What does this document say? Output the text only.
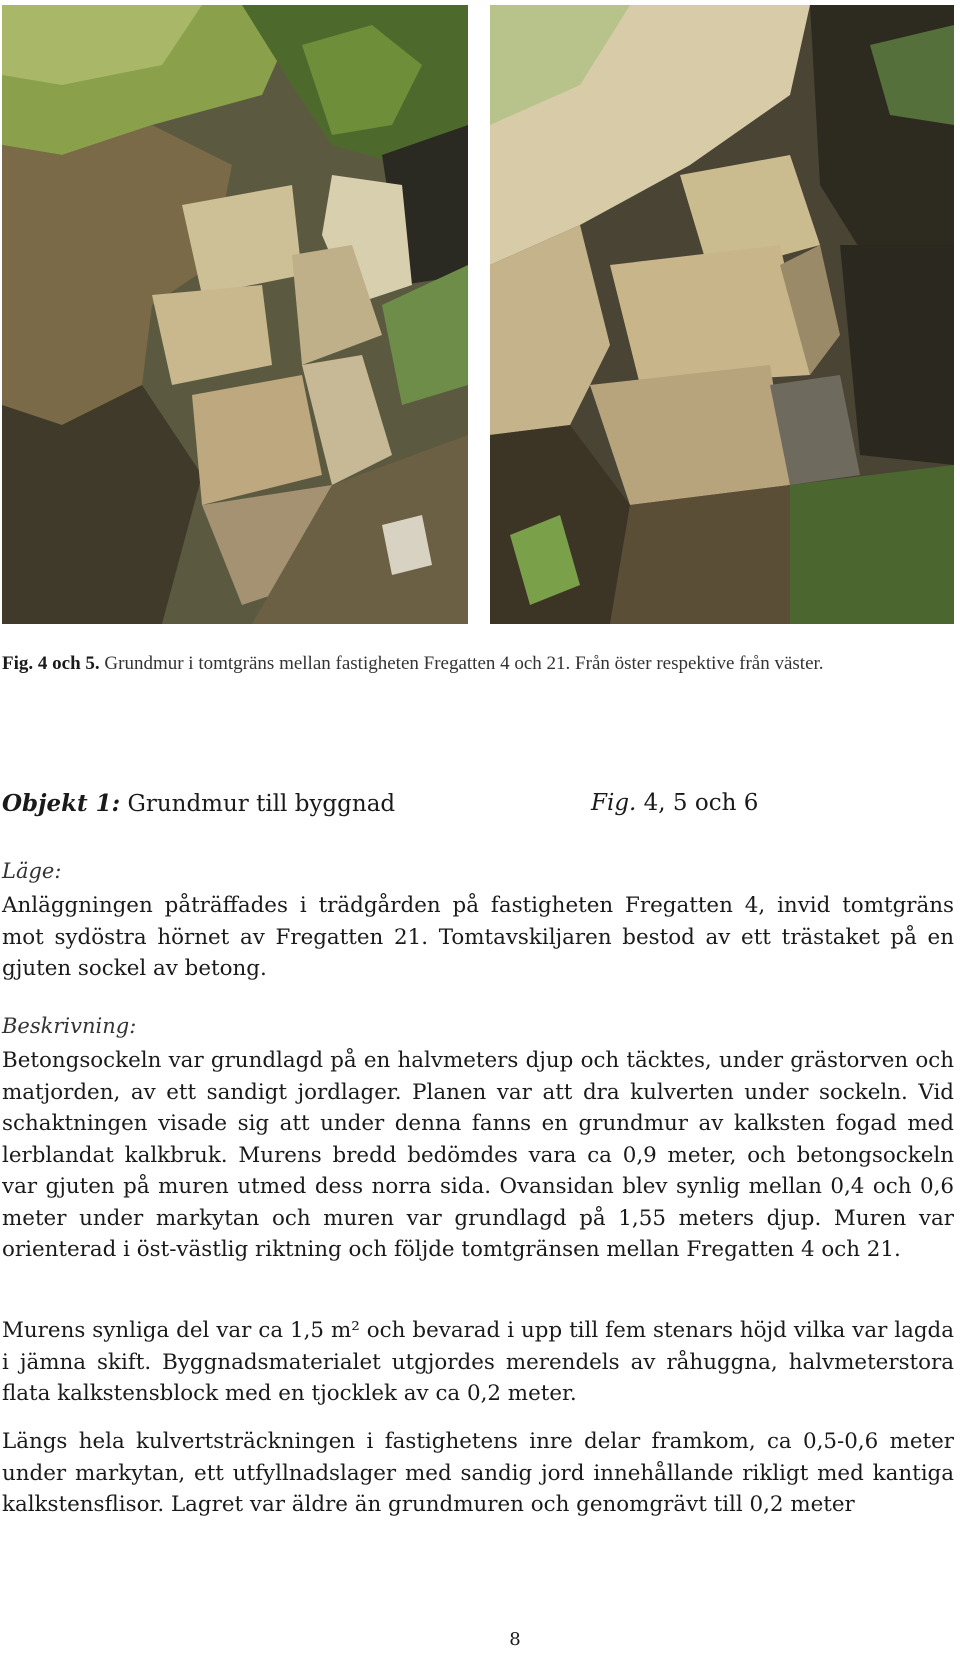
Fig. 4 och 5. Grundmur i tomtgräns mellan fastigheten Fregatten 4 och 21. Från öster respektive från väster.
Objekt 1: Grundmur till byggnad	Fig. 4, 5 och 6
Läge:

Anläggningen påträffades i trädgården på fastigheten Fregatten 4, invid tomtgräns mot sydöstra hörnet av Fregatten 21. Tomtavskiljaren bestod av ett trästaket på en gjuten sockel av betong.

Beskrivning:

Betongsockeln var grundlagd på en halvmeters djup och täcktes, under grästorven och matjorden, av ett sandigt jordlager. Planen var att dra kulverten under sockeln. Vid schaktningen visade sig att under denna fanns en grundmur av kalksten fogad med lerblandat kalkbruk. Murens bredd bedömdes vara ca 0,9 meter, och betongsockeln var gjuten på muren utmed dess norra sida. Ovansidan blev synlig mellan 0,4 och 0,6 meter under markytan och muren var grundlagd på 1,55 meters djup. Muren var orienterad i öst-västlig riktning och följde tomtgränsen mellan Fregatten 4 och 21.

Murens synliga del var ca 1,5 m² och bevarad i upp till fem stenars höjd vilka var lagda i jämna skift. Byggnadsmaterialet utgjordes merendels av råhuggna, halvmeterstora flata kalkstensblock med en tjocklek av ca 0,2 meter.

Längs hela kulvertsträckningen i fastighetens inre delar framkom, ca 0,5-0,6 meter under markytan, ett utfyllnadslager med sandig jord innehållande rikligt med kantiga kalkstensflisor. Lagret var äldre än grundmuren och genomgrävt till 0,2 meter

8
